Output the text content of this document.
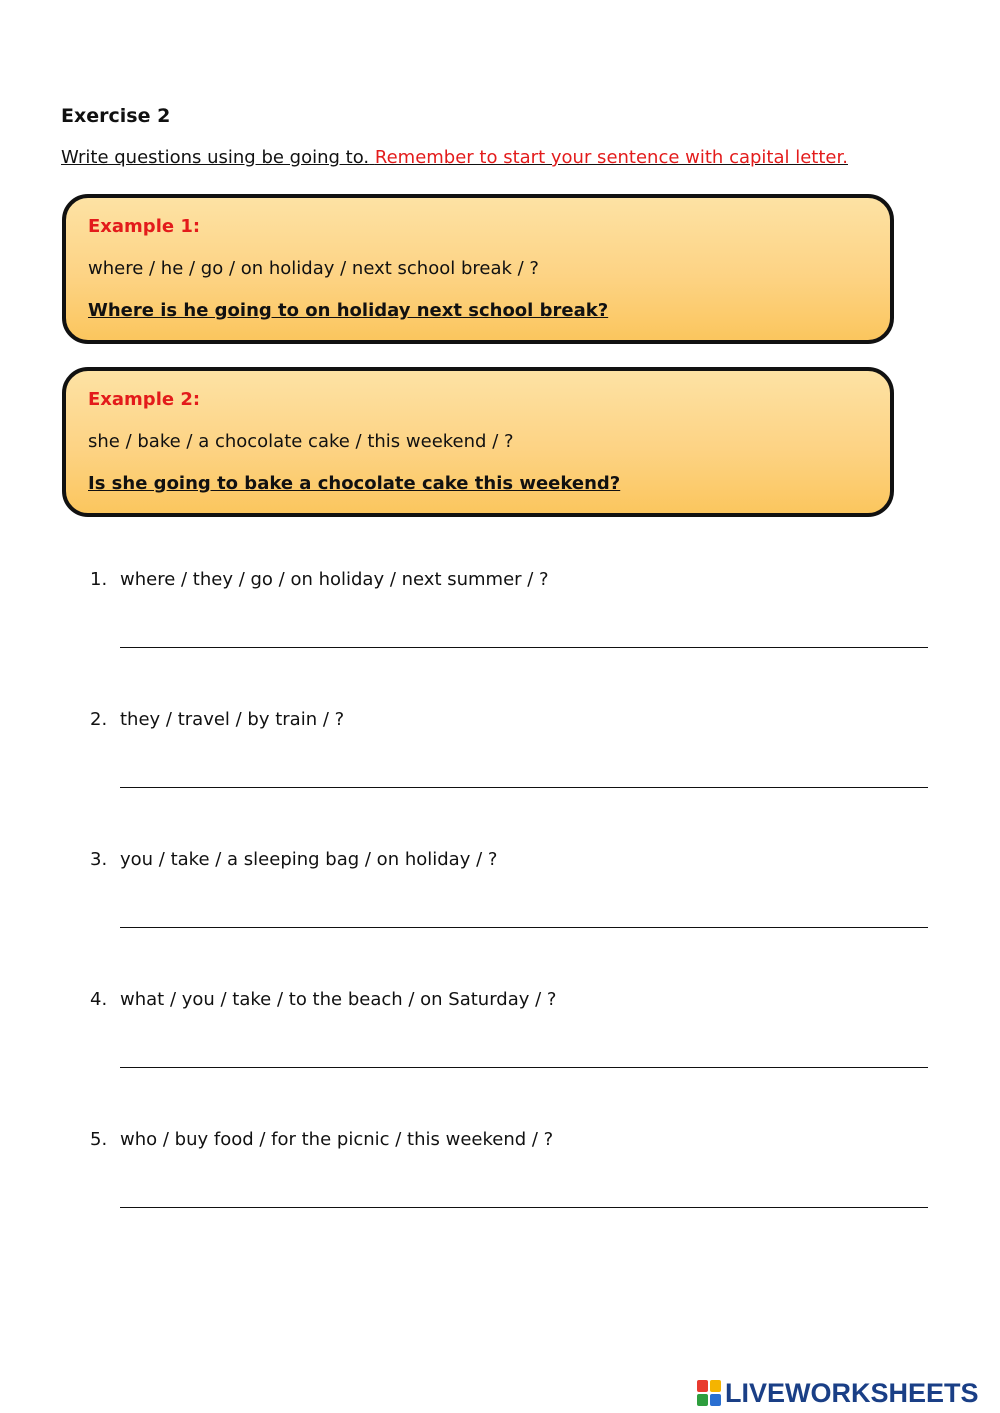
Exercise 2
Write questions using be going to. Remember to start your sentence with capital letter.
Example 1:
where / he / go / on holiday / next school break / ?
Where is he going to on holiday next school break?
Example 2:
she / bake / a chocolate cake / this weekend / ?
Is she going to bake a chocolate cake this weekend?
1. where / they / go / on holiday / next summer / ?
2. they / travel / by train / ?
3. you / take / a sleeping bag / on holiday / ?
4. what / you / take / to the beach / on Saturday / ?
5. who / buy food / for the picnic / this weekend / ?
LIVEWORKSHEETS
